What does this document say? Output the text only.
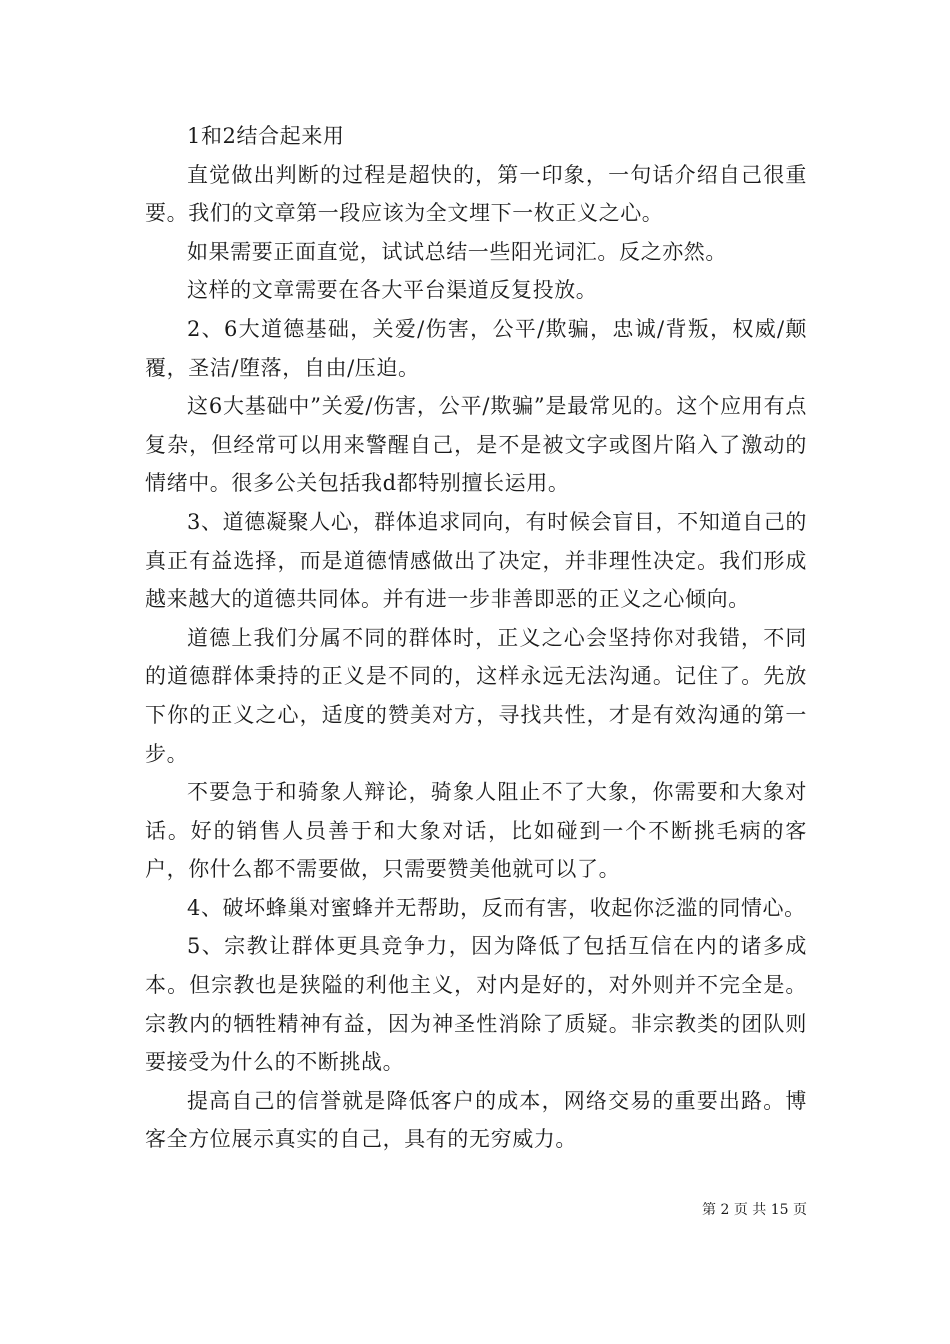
1和2结合起来用

直觉做出判断的过程是超快的，第一印象，一句话介绍自己很重要。我们的文章第一段应该为全文埋下一枚正义之心。

如果需要正面直觉，试试总结一些阳光词汇。反之亦然。

这样的文章需要在各大平台渠道反复投放。

2、6大道德基础，关爱/伤害，公平/欺骗，忠诚/背叛，权威/颠覆，圣洁/堕落，自由/压迫。

这6大基础中”关爱/伤害，公平/欺骗”是最常见的。这个应用有点复杂，但经常可以用来警醒自己，是不是被文字或图片陷入了激动的情绪中。很多公关包括我d都特别擅长运用。

3、道德凝聚人心，群体追求同向，有时候会盲目，不知道自己的真正有益选择，而是道德情感做出了决定，并非理性决定。我们形成越来越大的道德共同体。并有进一步非善即恶的正义之心倾向。

道德上我们分属不同的群体时，正义之心会坚持你对我错，不同的道德群体秉持的正义是不同的，这样永远无法沟通。记住了。先放下你的正义之心，适度的赞美对方，寻找共性，才是有效沟通的第一步。

不要急于和骑象人辩论，骑象人阻止不了大象，你需要和大象对话。好的销售人员善于和大象对话，比如碰到一个不断挑毛病的客户，你什么都不需要做，只需要赞美他就可以了。

4、破坏蜂巢对蜜蜂并无帮助，反而有害，收起你泛滥的同情心。

5、宗教让群体更具竞争力，因为降低了包括互信在内的诸多成本。但宗教也是狭隘的利他主义，对内是好的，对外则并不完全是。宗教内的牺牲精神有益，因为神圣性消除了质疑。非宗教类的团队则要接受为什么的不断挑战。

提高自己的信誉就是降低客户的成本，网络交易的重要出路。博客全方位展示真实的自己，具有的无穷威力。

第 2 页 共 15 页
